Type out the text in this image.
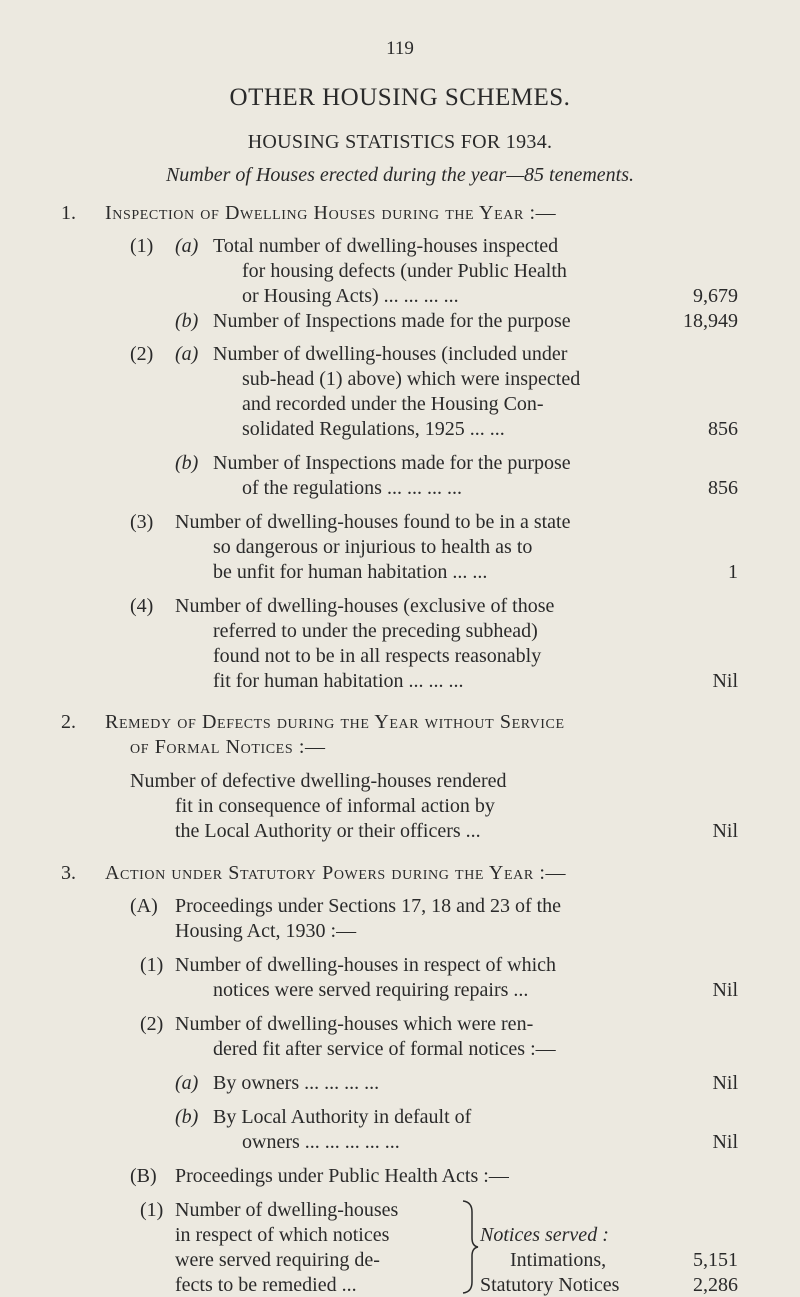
119
OTHER HOUSING SCHEMES.
HOUSING STATISTICS FOR 1934.
Number of Houses erected during the year—85 tenements.
1. Inspection of Dwelling Houses during the Year :—
(1) (a) Total number of dwelling-houses inspected
for housing defects (under Public Health
or Housing Acts) ... ... ... ...	9,679
(b) Number of Inspections made for the purpose	18,949
(2) (a) Number of dwelling-houses (included under
sub-head (1) above) which were inspected
and recorded under the Housing Con-
solidated Regulations, 1925 ... ...	856
(b) Number of Inspections made for the purpose
of the regulations ... ... ... ...	856
(3) Number of dwelling-houses found to be in a state
so dangerous or injurious to health as to
be unfit for human habitation ... ...	1
(4) Number of dwelling-houses (exclusive of those
referred to under the preceding subhead)
found not to be in all respects reasonably
fit for human habitation ... ... ...	Nil
2. Remedy of Defects during the Year without Service
of Formal Notices :—
Number of defective dwelling-houses rendered
fit in consequence of informal action by
the Local Authority or their officers ...	Nil
3. Action under Statutory Powers during the Year :—
(A) Proceedings under Sections 17, 18 and 23 of the
Housing Act, 1930 :—
(1) Number of dwelling-houses in respect of which
notices were served requiring repairs ...	Nil
(2) Number of dwelling-houses which were ren-
dered fit after service of formal notices :—
(a) By owners ... ... ... ...	Nil
(b) By Local Authority in default of
owners ... ... ... ... ...	Nil
(B) Proceedings under Public Health Acts :—
(1) Number of dwelling-houses
in respect of which notices
were served requiring de-
fects to be remedied ...
Notices served :
Intimations,	5,151
Statutory Notices	2,286
